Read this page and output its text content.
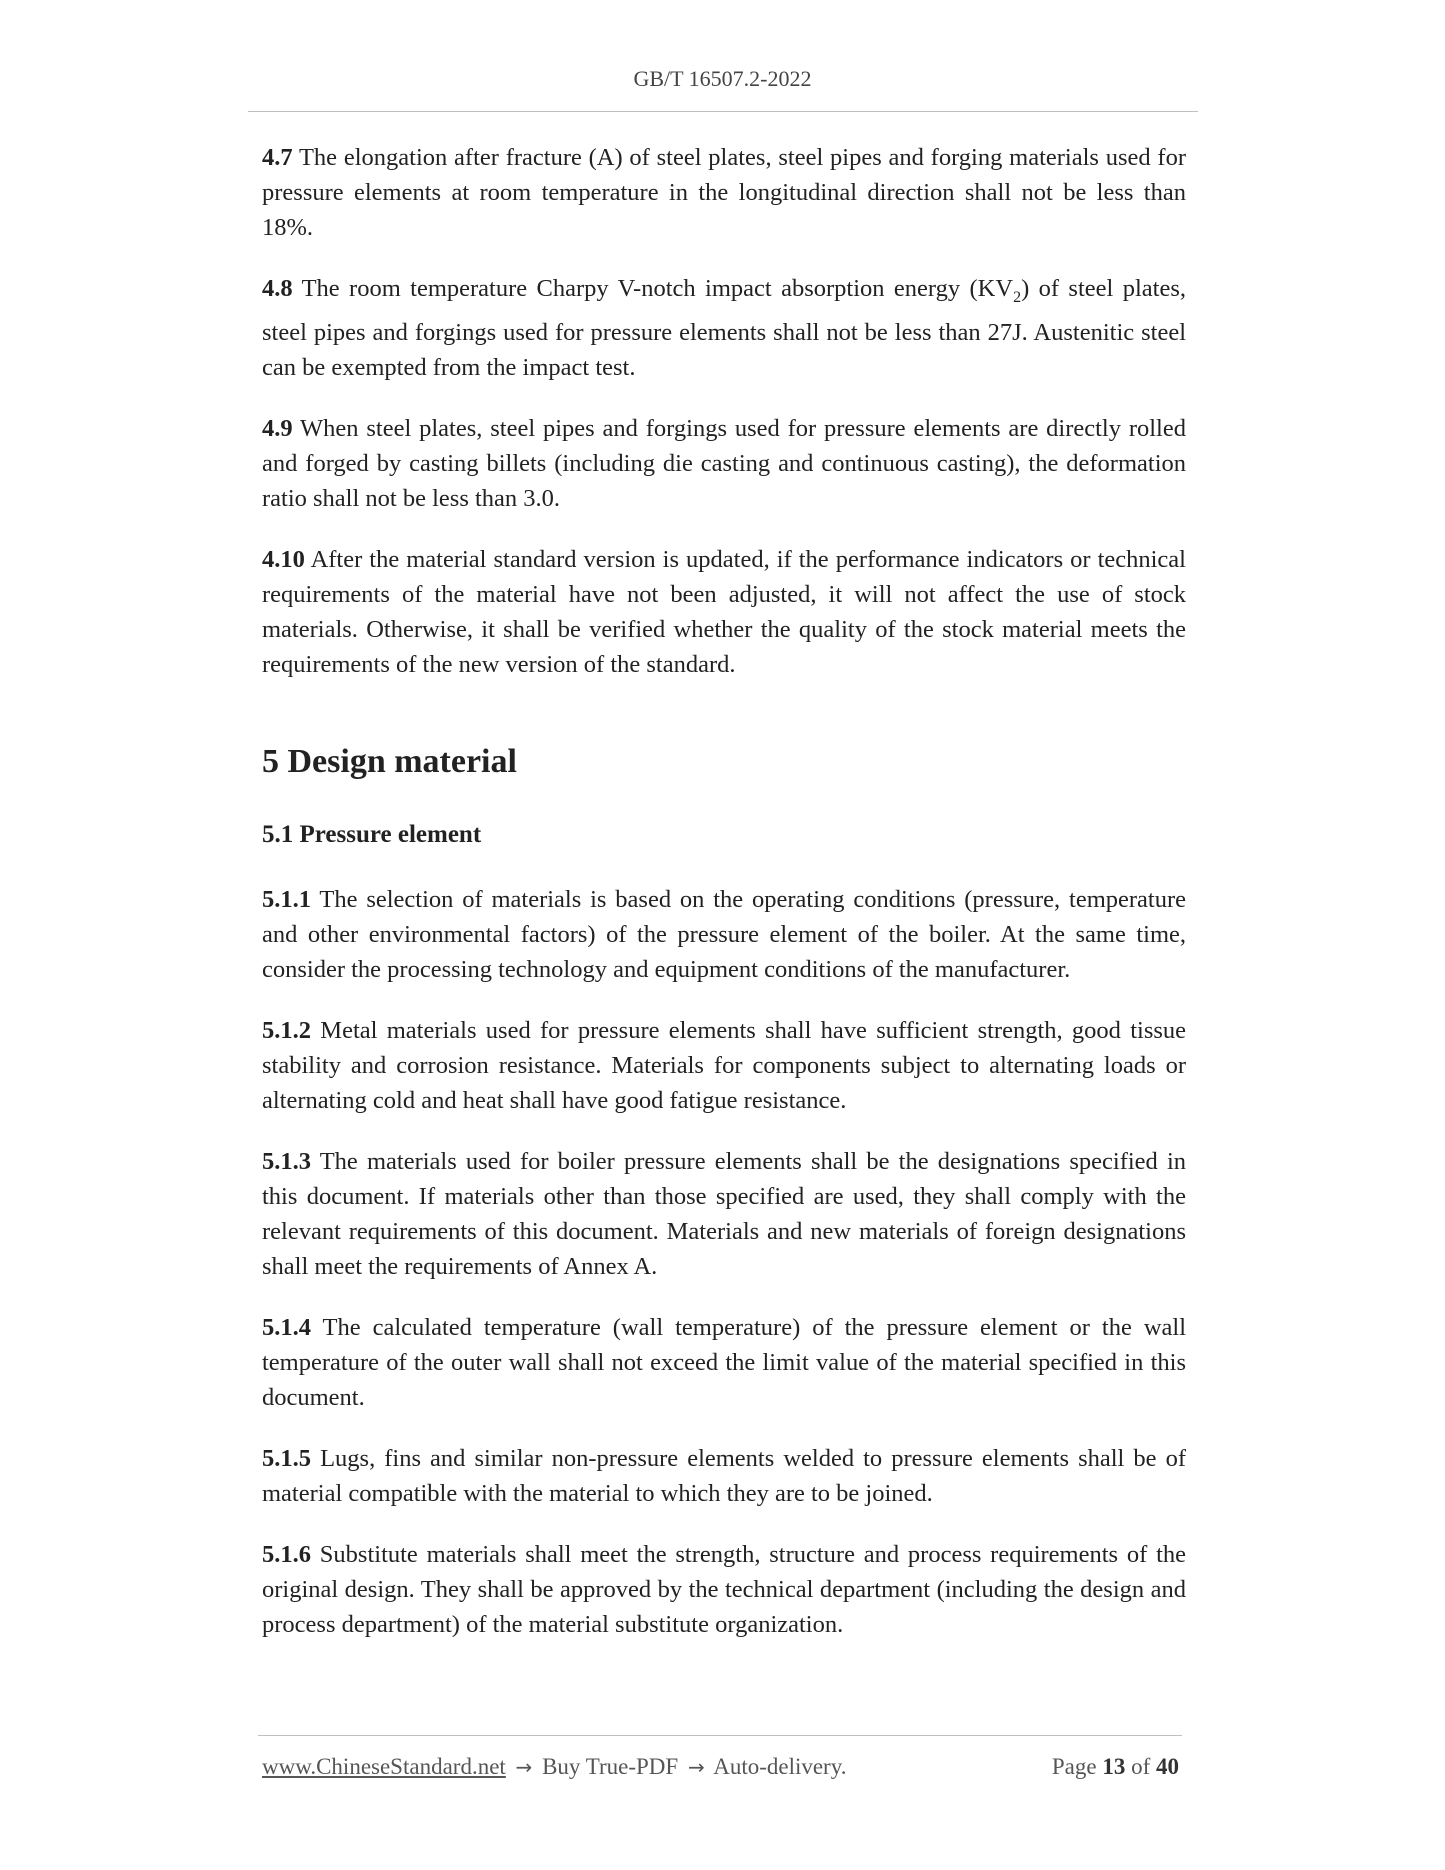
GB/T 16507.2-2022

4.7 The elongation after fracture (A) of steel plates, steel pipes and forging materials used for pressure elements at room temperature in the longitudinal direction shall not be less than 18%.

4.8 The room temperature Charpy V-notch impact absorption energy $(KV_2)$ of steel plates, steel pipes and forgings used for pressure elements shall not be less than 27J. Austenitic steel can be exempted from the impact test.

4.9 When steel plates, steel pipes and forgings used for pressure elements are directly rolled and forged by casting billets (including die casting and continuous casting), the deformation ratio shall not be less than 3.0.

4.10 After the material standard version is updated, if the performance indicators or technical requirements of the material have not been adjusted, it will not affect the use of stock materials. Otherwise, it shall be verified whether the quality of the stock material meets the requirements of the new version of the standard.

5 Design material
5.1 Pressure element

5.1.1 The selection of materials is based on the operating conditions (pressure, temperature and other environmental factors) of the pressure element of the boiler. At the same time, consider the processing technology and equipment conditions of the manufacturer.

5.1.2 Metal materials used for pressure elements shall have sufficient strength, good tissue stability and corrosion resistance. Materials for components subject to alternating loads or alternating cold and heat shall have good fatigue resistance.

5.1.3 The materials used for boiler pressure elements shall be the designations specified in this document. If materials other than those specified are used, they shall comply with the relevant requirements of this document. Materials and new materials of foreign designations shall meet the requirements of Annex A.

5.1.4 The calculated temperature (wall temperature) of the pressure element or the wall temperature of the outer wall shall not exceed the limit value of the material specified in this document.

5.1.5 Lugs, fins and similar non-pressure elements welded to pressure elements shall be of material compatible with the material to which they are to be joined.

5.1.6 Substitute materials shall meet the strength, structure and process requirements of the original design. They shall be approved by the technical department (including the design and process department) of the material substitute organization.

www.ChineseStandard.net → Buy True-PDF → Auto-delivery.	Page 13 of 40
